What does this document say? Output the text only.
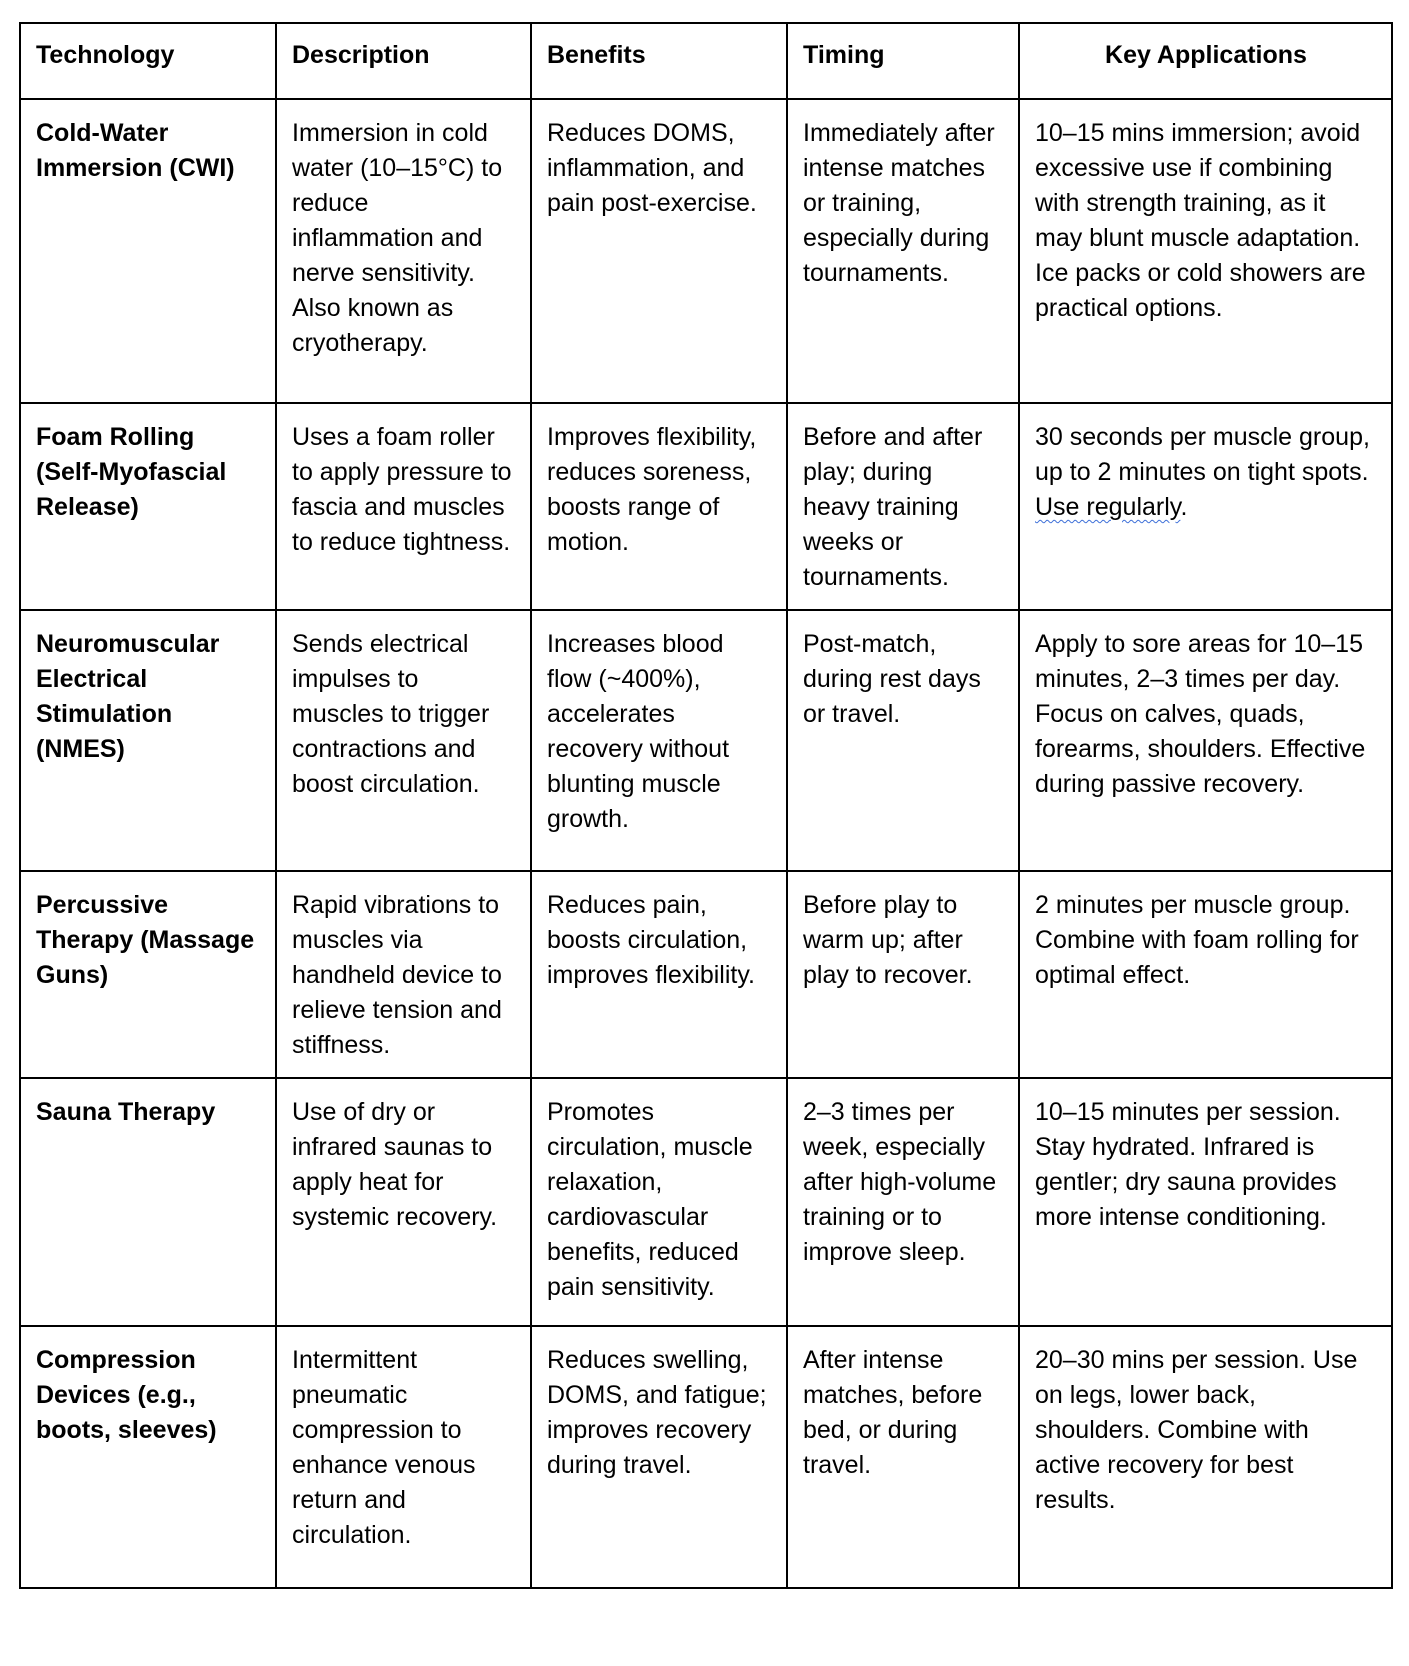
Technology	Description	Benefits	Timing	Key Applications
Cold-Water Immersion (CWI)	Immersion in cold water (10–15°C) to reduce inflammation and nerve sensitivity. Also known as cryotherapy.	Reduces DOMS, inflammation, and pain post-exercise.	Immediately after intense matches or training, especially during tournaments.	10–15 mins immersion; avoid excessive use if combining with strength training, as it may blunt muscle adaptation. Ice packs or cold showers are practical options.
Foam Rolling (Self-Myofascial Release)	Uses a foam roller to apply pressure to fascia and muscles to reduce tightness.	Improves flexibility, reduces soreness, boosts range of motion.	Before and after play; during heavy training weeks or tournaments.	30 seconds per muscle group, up to 2 minutes on tight spots. Use regularly.
Neuromuscular Electrical Stimulation (NMES)	Sends electrical impulses to muscles to trigger contractions and boost circulation.	Increases blood flow (~400%), accelerates recovery without blunting muscle growth.	Post-match, during rest days or travel.	Apply to sore areas for 10–15 minutes, 2–3 times per day. Focus on calves, quads, forearms, shoulders. Effective during passive recovery.
Percussive Therapy (Massage Guns)	Rapid vibrations to muscles via handheld device to relieve tension and stiffness.	Reduces pain, boosts circulation, improves flexibility.	Before play to warm up; after play to recover.	2 minutes per muscle group. Combine with foam rolling for optimal effect.
Sauna Therapy	Use of dry or infrared saunas to apply heat for systemic recovery.	Promotes circulation, muscle relaxation, cardiovascular benefits, reduced pain sensitivity.	2–3 times per week, especially after high-volume training or to improve sleep.	10–15 minutes per session. Stay hydrated. Infrared is gentler; dry sauna provides more intense conditioning.
Compression Devices (e.g., boots, sleeves)	Intermittent pneumatic compression to enhance venous return and circulation.	Reduces swelling, DOMS, and fatigue; improves recovery during travel.	After intense matches, before bed, or during travel.	20–30 mins per session. Use on legs, lower back, shoulders. Combine with active recovery for best results.
